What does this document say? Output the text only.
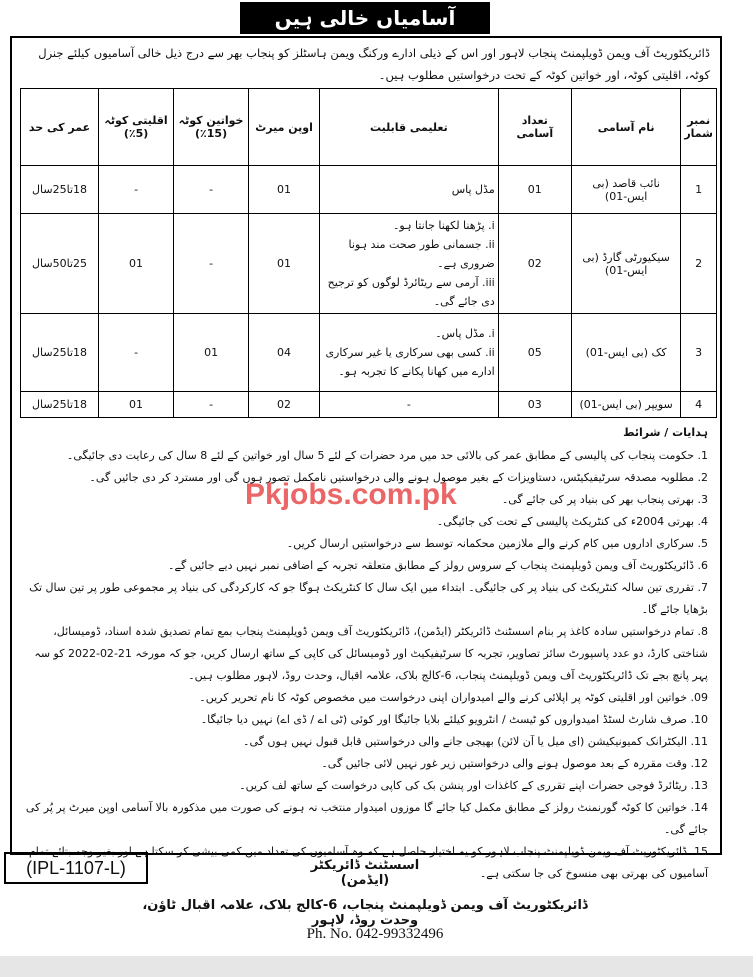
آسامیاں خالی ہیں
ڈائریکٹوریٹ آف ویمن ڈویلپمنٹ پنجاب لاہور اور اس کے ذیلی ادارے ورکنگ ویمن ہاسٹلز کو پنجاب بھر سے درج ذیل خالی آسامیوں کیلئے جنرل کوٹہ، اقلیتی کوٹہ، اور خواتین کوٹہ کے تحت درخواستیں مطلوب ہیں۔
نمبر شمار	نام آسامی	تعداد آسامی	تعلیمی قابلیت	اوپن میرٹ	خواتین کوٹہ (15٪)	اقلیتی کوٹہ (5٪)	عمر کی حد
1	نائب قاصد (بی ایس-01)	01	مڈل پاس	01	-	-	18تا25سال
2	سیکیورٹی گارڈ (بی ایس-01)	02	i. پڑھنا لکھنا جانتا ہو۔
ii. جسمانی طور صحت مند ہونا ضروری ہے۔
iii. آرمی سے ریٹائرڈ لوگوں کو ترجیح دی جائے گی۔	01	-	01	25تا50سال
3	کک (بی ایس-01)	05	i. مڈل پاس۔
ii. کسی بھی سرکاری یا غیر سرکاری ادارے میں کھانا پکانے کا تجربہ ہو۔	04	01	-	18تا25سال
4	سویپر (بی ایس-01)	03	-	02	-	01	18تا25سال
ہدایات / شرائط
1. حکومت پنجاب کی پالیسی کے مطابق عمر کی بالائی حد میں مرد حضرات کے لئے 5 سال اور خواتین کے لئے 8 سال کی رعایت دی جائیگی۔
2. مطلوبہ مصدقہ سرٹیفیکیٹس، دستاویزات کے بغیر موصول ہونے والی درخواستیں نامکمل تصور ہوں گی اور مسترد کر دی جائیں گی۔
3. بھرتی پنجاب بھر کی بنیاد پر کی جائے گی۔
4. بھرتی 2004ء کی کنٹریکٹ پالیسی کے تحت کی جائیگی۔
5. سرکاری اداروں میں کام کرنے والے ملازمین محکمانہ توسط سے درخواستیں ارسال کریں۔
6. ڈائریکٹوریٹ آف ویمن ڈویلپمنٹ پنجاب کے سروس رولز کے مطابق متعلقہ تجربہ کے اضافی نمبر نہیں دیے جائیں گے۔
7. تقرری تین سالہ کنٹریکٹ کی بنیاد پر کی جائیگی۔ ابتداء میں ایک سال کا کنٹریکٹ ہوگا جو کہ کارکردگی کی بنیاد پر مجموعی طور پر تین سال تک بڑھایا جائے گا۔
8. تمام درخواستیں سادہ کاغذ پر بنام اسسٹنٹ ڈائریکٹر (ایڈمن)، ڈائریکٹوریٹ آف ویمن ڈویلپمنٹ پنجاب بمع تمام تصدیق شدہ اسناد، ڈومیسائل، شناختی کارڈ، دو عدد پاسپورٹ سائز تصاویر، تجربہ کا سرٹیفیکیٹ اور ڈومیسائل کی کاپی کے ساتھ ارسال کریں، جو کہ مورخہ 21-02-2022 کو سہ پہر پانچ بجے تک ڈائریکٹوریٹ آف ویمن ڈویلپمنٹ پنجاب، 6-کالج بلاک، علامہ اقبال، وحدت روڈ، لاہور مطلوب ہیں۔
09. خواتین اور اقلیتی کوٹہ پر اپلائی کرنے والے امیدواران اپنی درخواست میں مخصوص کوٹہ کا نام تحریر کریں۔
10. صرف شارٹ لسٹڈ امیدواروں کو ٹیسٹ / انٹرویو کیلئے بلایا جائیگا اور کوئی (ٹی اے / ڈی اے) نہیں دیا جائیگا۔
11. الیکٹرانک کمیونیکیشن (ای میل یا آن لائن) بھیجی جانے والی درخواستیں قابل قبول نہیں ہوں گی۔
12. وقت مقررہ کے بعد موصول ہونے والی درخواستیں زیر غور نہیں لائی جائیں گی۔
13. ریٹائرڈ فوجی حضرات اپنے تقرری کے کاغذات اور پنشن بک کی کاپی درخواست کے ساتھ لف کریں۔
14. خواتین کا کوٹہ گورنمنٹ رولز کے مطابق مکمل کیا جائے گا موزوں امیدوار منتخب نہ ہونے کی صورت میں مذکورہ بالا آسامی اوپن میرٹ پر پُر کی جائے گی۔
15. ڈائریکٹوریٹ آف ویمن ڈویلپمنٹ پنجاب لاہور کو یہ اختیار حاصل ہے کہ وہ آسامیوں کی تعداد میں کمی بیشی کر سکتا ہے اور بغیر وجہ بتائے تمام آسامیوں کی بھرتی بھی منسوخ کی جا سکتی ہے۔
Pkjobs.com.pk
(IPL-1107-L)	اسسٹنٹ ڈائریکٹر (ایڈمن)
ڈائریکٹوریٹ آف ویمن ڈویلپمنٹ پنجاب، 6-کالج بلاک، علامہ اقبال ٹاؤن، وحدت روڈ، لاہور
Ph. No. 042-99332496
